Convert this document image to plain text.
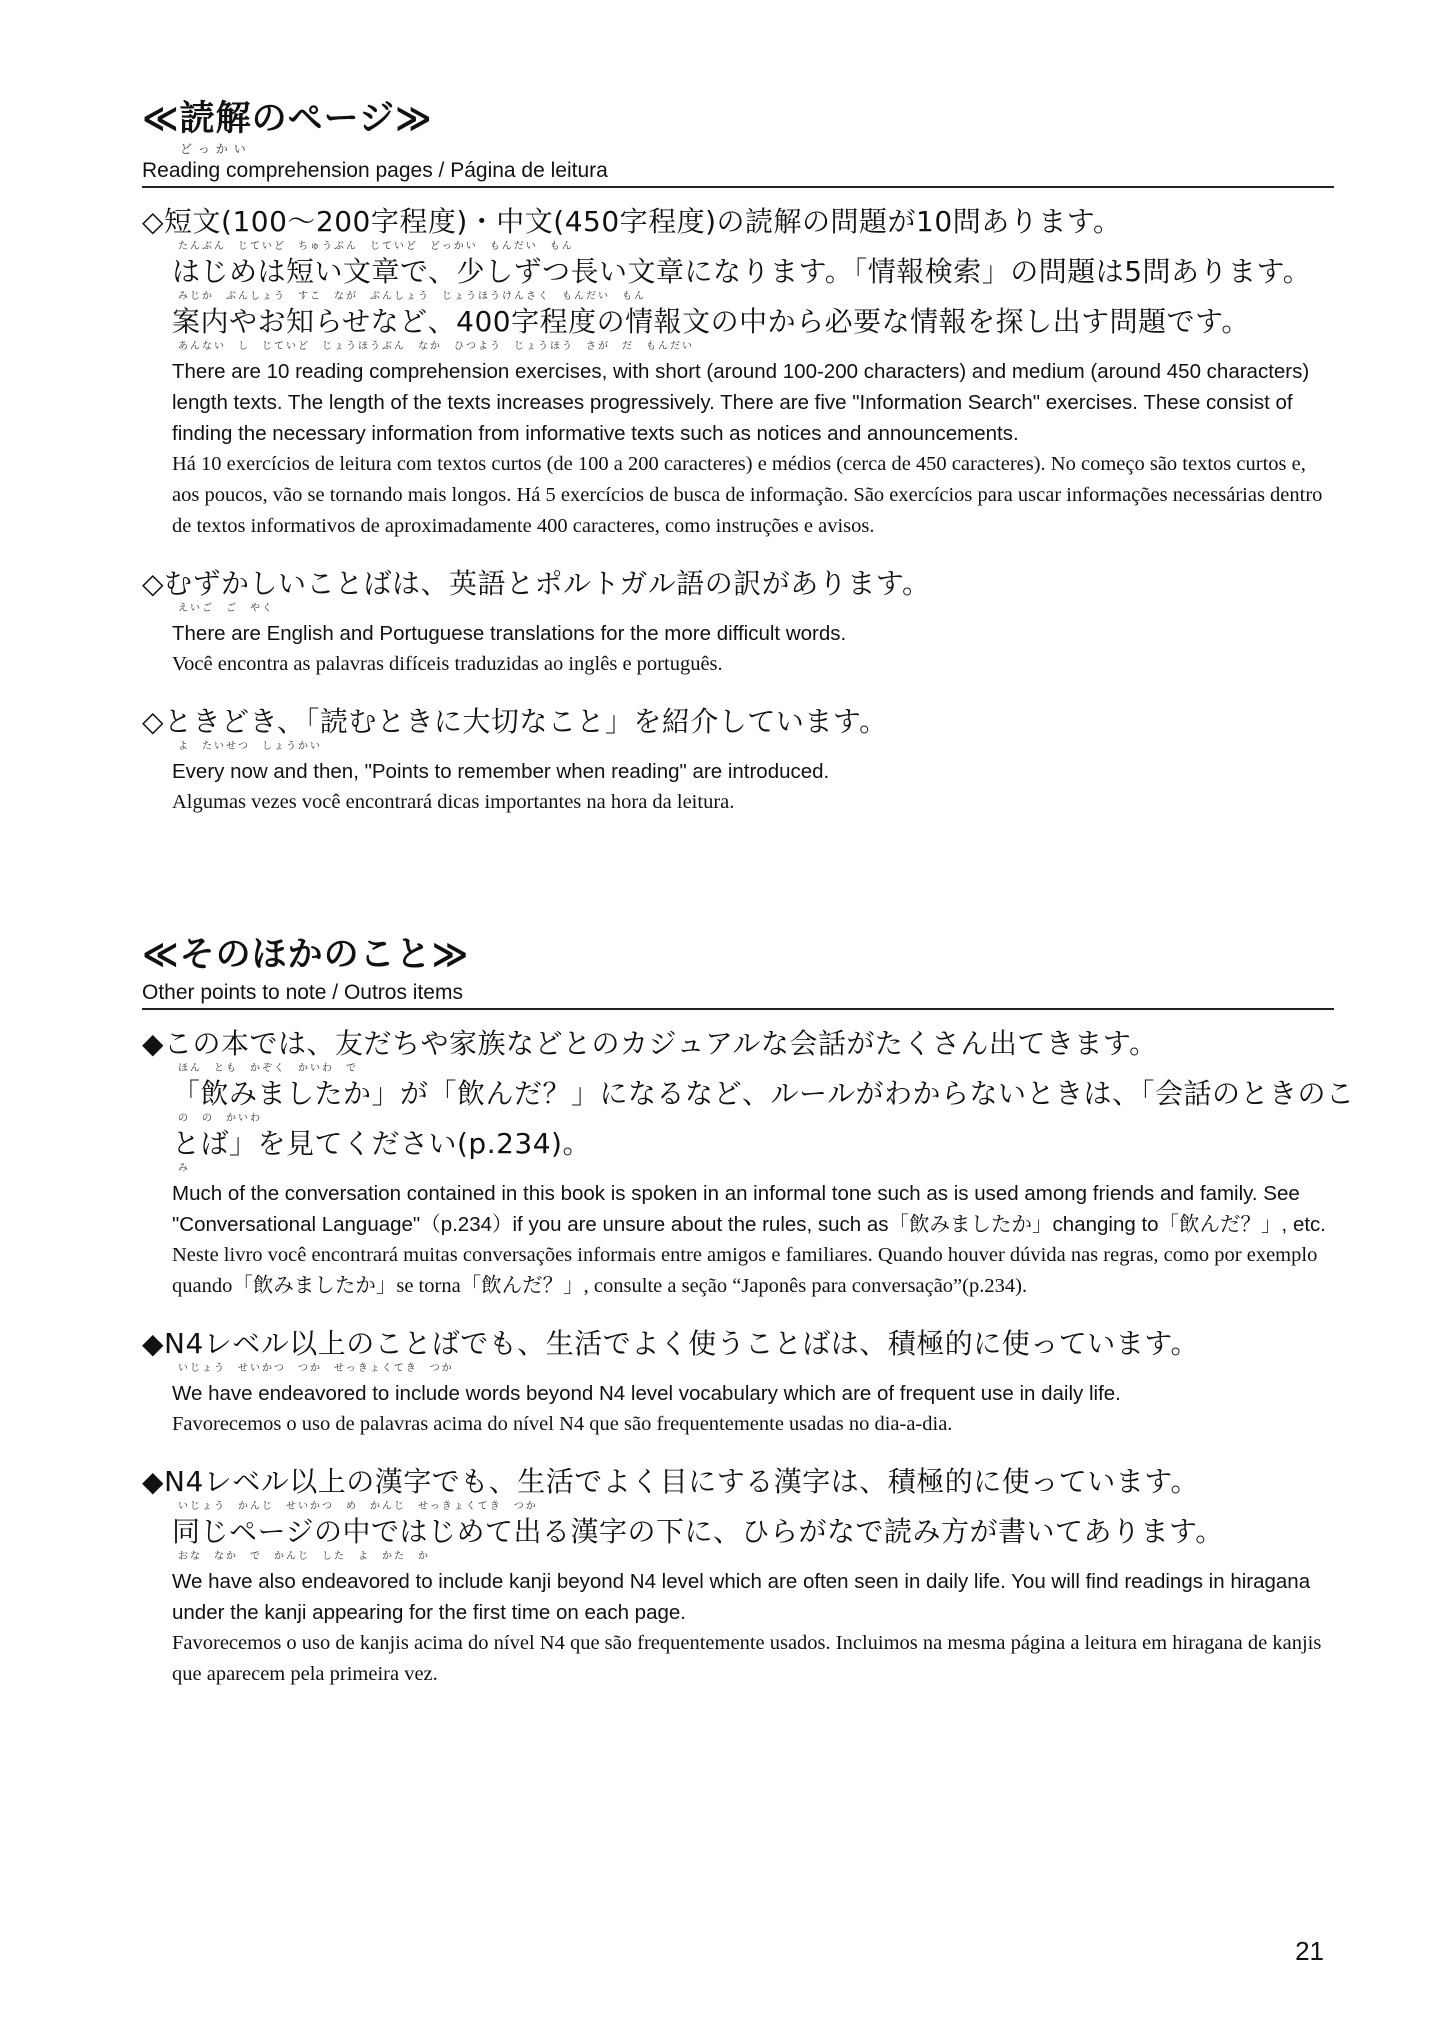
≪読解のページ≫
どっかい
Reading comprehension pages / Página de leitura
◇短文(100〜200字程度)・中文(450字程度)の読解の問題が10問あります。
たんぶん　じていど　ちゅうぶん　じていど　どっかい　もんだい　もん
はじめは短い文章で、少しずつ長い文章になります。「情報検索」の問題は5問あります。
みじか　ぶんしょう　すこ　なが　ぶんしょう　じょうほうけんさく　もんだい　もん
案内やお知らせなど、400字程度の情報文の中から必要な情報を探し出す問題です。
あんない　し　じていど　じょうほうぶん　なか　ひつよう　じょうほう　さが　だ　もんだい
There are 10 reading comprehension exercises, with short (around 100-200 characters) and medium (around 450 characters) length texts. The length of the texts increases progressively. There are five "Information Search" exercises. These consist of finding the necessary information from informative texts such as notices and announcements.
Há 10 exercícios de leitura com textos curtos (de 100 a 200 caracteres) e médios (cerca de 450 caracteres). No começo são textos curtos e, aos poucos, vão se tornando mais longos. Há 5 exercícios de busca de informação. São exercícios para uscar informações necessárias dentro de textos informativos de aproximadamente 400 caracteres, como instruções e avisos.
◇むずかしいことばは、英語とポルトガル語の訳があります。
えいご　ご　やく
There are English and Portuguese translations for the more difficult words.
Você encontra as palavras difíceis traduzidas ao inglês e português.
◇ときどき、「読むときに大切なこと」を紹介しています。
よ　たいせつ　しょうかい
Every now and then, "Points to remember when reading" are introduced.
Algumas vezes você encontrará dicas importantes na hora da leitura.
≪そのほかのこと≫
Other points to note / Outros items
◆この本では、友だちや家族などとのカジュアルな会話がたくさん出てきます。
ほん　とも　かぞく　かいわ　で
「飲みましたか」が「飲んだ？」になるなど、ルールがわからないときは、「会話のときのこ
の　の　かいわ
とば」を見てください(p.234)。
み
Much of the conversation contained in this book is spoken in an informal tone such as is used among friends and family. See "Conversational Language"（p.234）if you are unsure about the rules, such as「飲みましたか」changing to「飲んだ？」, etc.
Neste livro você encontrará muitas conversações informais entre amigos e familiares. Quando houver dúvida nas regras, como por exemplo quando「飲みましたか」se torna「飲んだ？」, consulte a seção “Japonês para conversação”(p.234).
◆N4レベル以上のことばでも、生活でよく使うことばは、積極的に使っています。
いじょう　せいかつ　つか　せっきょくてき　つか
We have endeavored to include words beyond N4 level vocabulary which are of frequent use in daily life.
Favorecemos o uso de palavras acima do nível N4 que são frequentemente usadas no dia-a-dia.
◆N4レベル以上の漢字でも、生活でよく目にする漢字は、積極的に使っています。
いじょう　かんじ　せいかつ　め　かんじ　せっきょくてき　つか
同じページの中ではじめて出る漢字の下に、ひらがなで読み方が書いてあります。
おな　なか　で　かんじ　した　よ　かた　か
We have also endeavored to include kanji beyond N4 level which are often seen in daily life. You will find readings in hiragana under the kanji appearing for the first time on each page.
Favorecemos o uso de kanjis acima do nível N4 que são frequentemente usados. Incluimos na mesma página a leitura em hiragana de kanjis que aparecem pela primeira vez.
21
